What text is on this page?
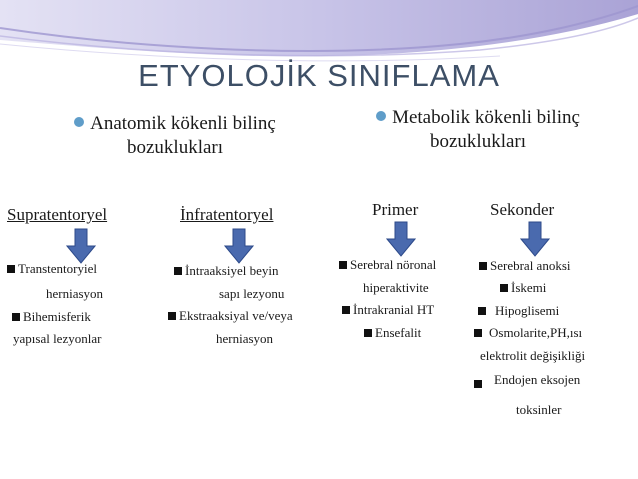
ETYOLOJİK SINIFLAMA
Anatomik kökenli bilinç
bozuklukları
Metabolik kökenli bilinç
bozuklukları
Supratentoryel	İnfratentoryel	Primer	Sekonder
Transtentoryiel
herniasyon
Bihemisferik
yapısal lezyonlar
İntraaksiyel beyin
sapı lezyonu
Ekstraaksiyal ve/veya
herniasyon
Serebral nöronal
hiperaktivite
İntrakranial HT
Ensefalit
Serebral anoksi
İskemi
Hipoglisemi
Osmolarite,PH,ısı
elektrolit değişikliği
Endojen eksojen
toksinler
